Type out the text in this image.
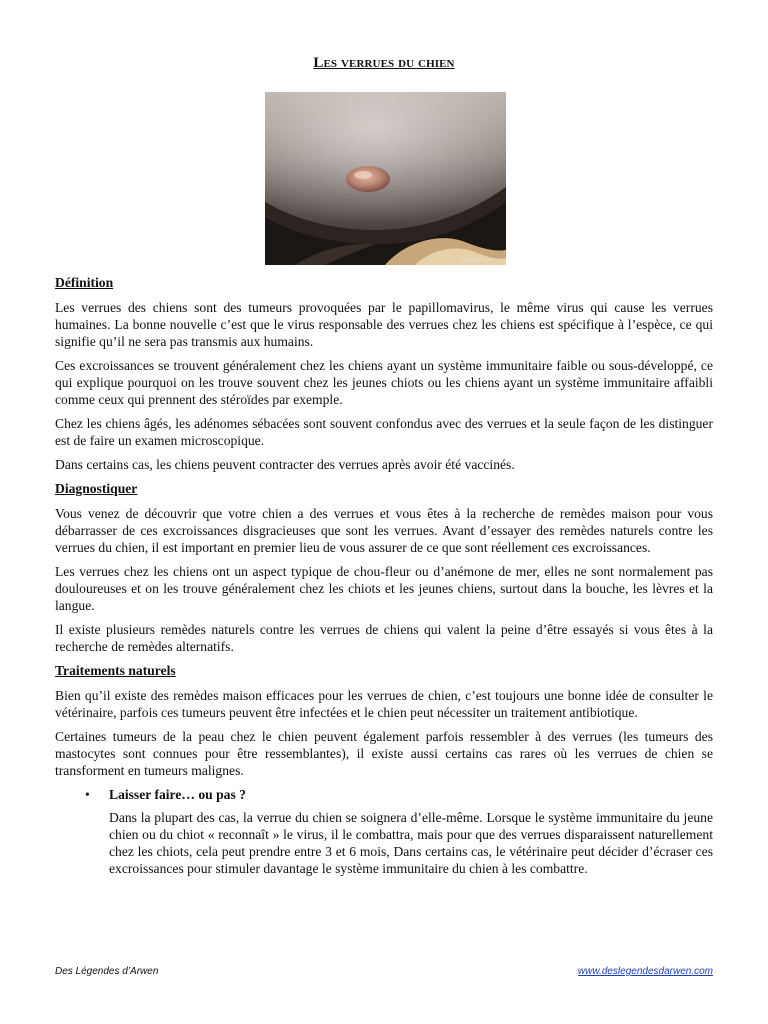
Les verrues du chien
Fotosearch.com
Définition

Les verrues des chiens sont des tumeurs provoquées par le papillomavirus, le même virus qui cause les verrues humaines. La bonne nouvelle c’est que le virus responsable des verrues chez les chiens est spécifique à l’espèce, ce qui signifie qu’il ne sera pas transmis aux humains.

Ces excroissances se trouvent généralement chez les chiens ayant un système immunitaire faible ou sous-développé, ce qui explique pourquoi on les trouve souvent chez les jeunes chiots ou les chiens ayant un système immunitaire affaibli comme ceux qui prennent des stéroïdes par exemple.

Chez les chiens âgés, les adénomes sébacées sont souvent confondus avec des verrues et la seule façon de les distinguer est de faire un examen microscopique.

Dans certains cas, les chiens peuvent contracter des verrues après avoir été vaccinés.

Diagnostiquer

Vous venez de découvrir que votre chien a des verrues et vous êtes à la recherche de remèdes maison pour vous débarrasser de ces excroissances disgracieuses que sont les verrues. Avant d’essayer des remèdes naturels contre les verrues du chien, il est important en premier lieu de vous assurer de ce que sont réellement ces excroissances.

Les verrues chez les chiens ont un aspect typique de chou-fleur ou d’anémone de mer, elles ne sont normalement pas douloureuses et on les trouve généralement chez les chiots et les jeunes chiens, surtout dans la bouche, les lèvres et la langue.

Il existe plusieurs remèdes naturels contre les verrues de chiens qui valent la peine d’être essayés si vous êtes à la recherche de remèdes alternatifs.

Traitements naturels

Bien qu’il existe des remèdes maison efficaces pour les verrues de chien, c’est toujours une bonne idée de consulter le vétérinaire, parfois ces tumeurs peuvent être infectées et le chien peut nécessiter un traitement antibiotique.

Certaines tumeurs de la peau chez le chien peuvent également parfois ressembler à des verrues (les tumeurs des mastocytes sont connues pour être ressemblantes), il existe aussi certains cas rares où les verrues de chien se transforment en tumeurs malignes.

• Laisser faire… ou pas ?

Dans la plupart des cas, la verrue du chien se soignera d’elle-même. Lorsque le système immunitaire du jeune chien ou du chiot « reconnaît » le virus, il le combattra, mais pour que des verrues disparaissent naturellement chez les chiots, cela peut prendre entre 3 et 6 mois, Dans certains cas, le vétérinaire peut décider d’écraser ces excroissances pour stimuler davantage le système immunitaire du chien à les combattre.

Des Légendes d’Arwen	www.deslegendesdarwen.com
